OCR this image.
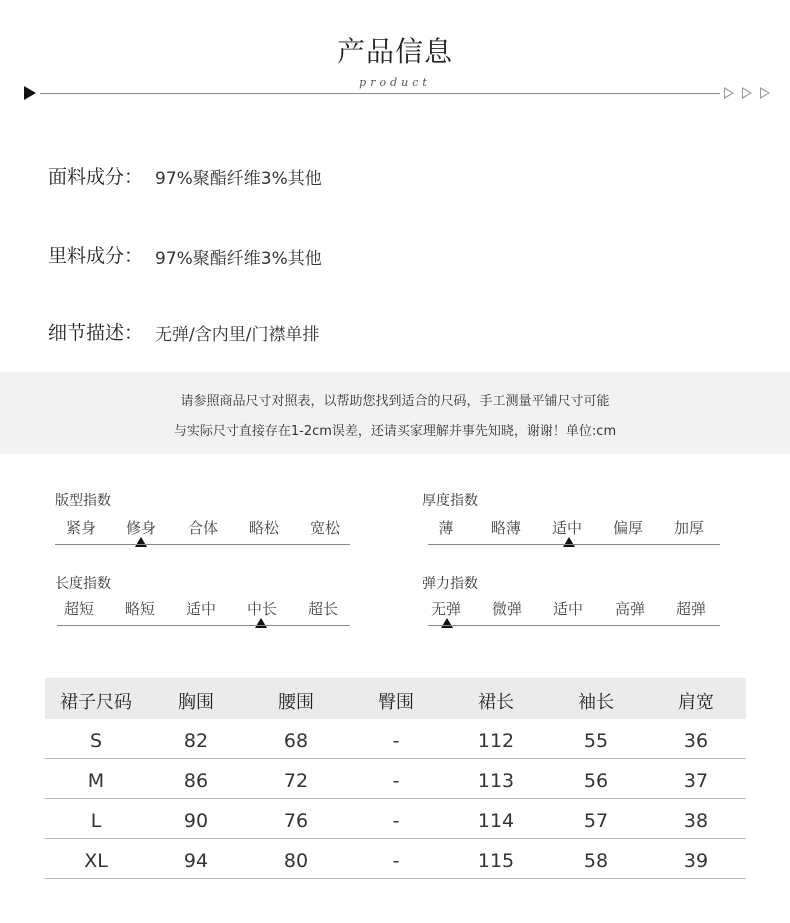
产品信息
product
面料成分： 97%聚酯纤维3%其他
里料成分： 97%聚酯纤维3%其他
细节描述： 无弹/含内里/门襟单排
请参照商品尺寸对照表，以帮助您找到适合的尺码，手工测量平铺尺寸可能
与实际尺寸直接存在1-2cm误差，还请买家理解并事先知晓，谢谢！单位:cm
版型指数
紧身	修身	合体	略松	宽松
厚度指数
薄	略薄	适中	偏厚	加厚
长度指数
超短	略短	适中	中长	超长
弹力指数
无弹	微弹	适中	高弹	超弹
裙子尺码	胸围	腰围	臀围	裙长	袖长	肩宽
S	82	68	-	112	55	36
M	86	72	-	113	56	37
L	90	76	-	114	57	38
XL	94	80	-	115	58	39
